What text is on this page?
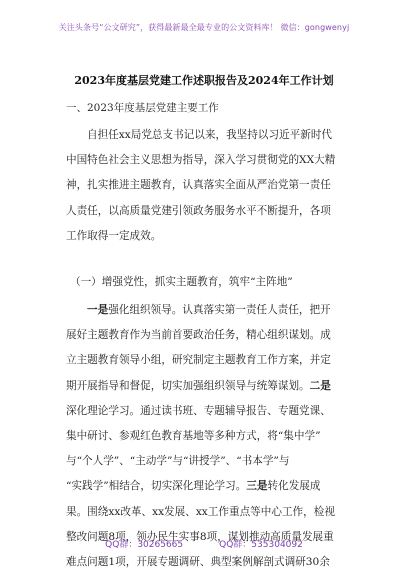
关注头条号“公文研究”，获得最新最全最专业的公文资料库！ 微信：gongwenyj
2023年度基层党建工作述职报告及2024年工作计划
一、2023年度基层党建主要工作
自担任xx局党总支书记以来，我坚持以习近平新时代
中国特色社会主义思想为指导，深入学习贯彻党的XX大精
神，扎实推进主题教育，认真落实全面从严治党第一责任
人责任，以高质量党建引领政务服务水平不断提升，各项
工作取得一定成效。
（一）增强党性，抓实主题教育，筑牢“主阵地”
一是强化组织领导。认真落实第一责任人责任，把开
展好主题教育作为当前首要政治任务，精心组织谋划。成
立主题教育领导小组，研究制定主题教育工作方案，并定
期开展指导和督促，切实加强组织领导与统筹谋划。二是
深化理论学习。通过读书班、专题辅导报告、专题党课、
集中研讨、参观红色教育基地等多种方式，将“集中学”
与“个人学”、“主动学”与“讲授学”、“书本学”与
“实践学”相结合，切实深化理论学习。三是转化发展成
果。围绕xx改革、xx发展、xx工作重点等中心工作，检视
整改问题8项，领办民生实事8项，谋划推动高质量发展重
难点问题1项，开展专题调研、典型案例解剖式调研30余
QQ群：30265665	QQ群：535304092
